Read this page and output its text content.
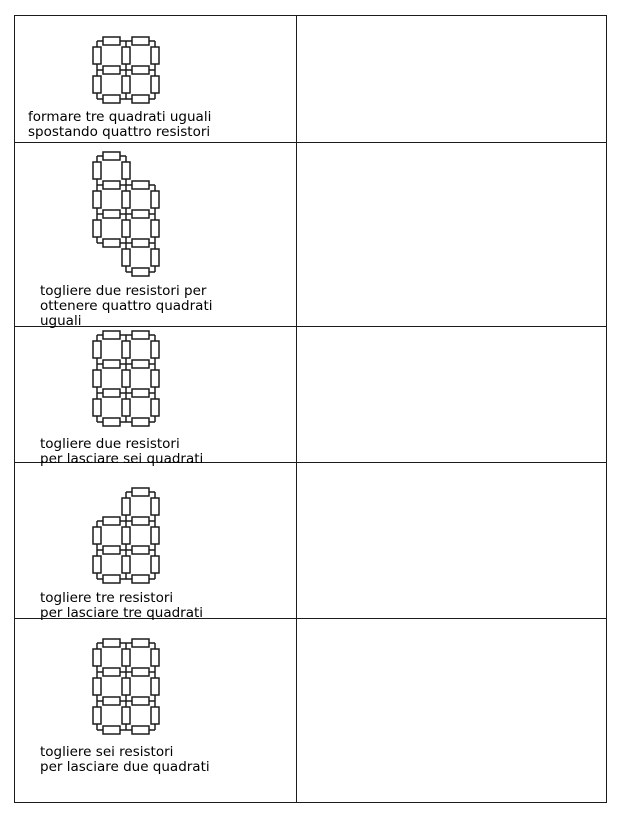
formare tre quadrati uguali
spostando quattro resistori
togliere due resistori per
ottenere quattro quadrati
uguali
togliere due resistori
per lasciare sei quadrati
togliere tre resistori
per lasciare tre quadrati
togliere sei resistori
per lasciare due quadrati
